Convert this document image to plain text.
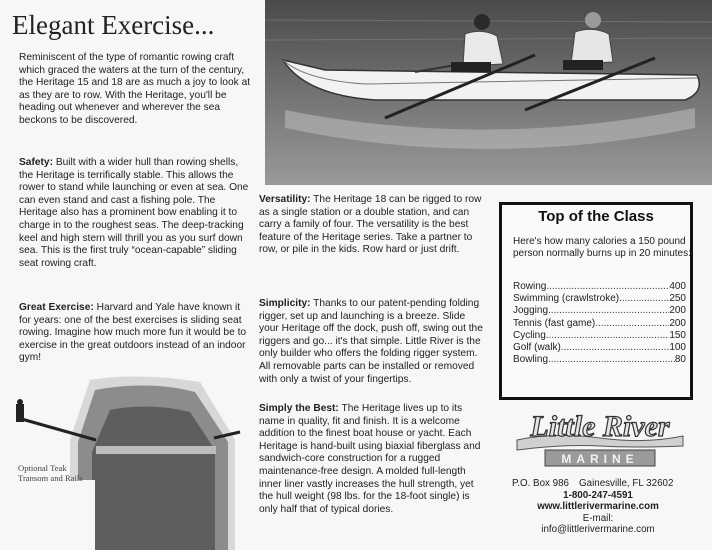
Elegant Exercise...

Reminiscent of the type of romantic rowing craft which graced the waters at the turn of the century, the Heritage 15 and 18 are as much a joy to look at as they are to row. With the Heritage, you'll be heading out whenever and wherever the sea beckons to be discovered.

Safety: Built with a wider hull than rowing shells, the Heritage is terrifically stable. This allows the rower to stand while launching or even at sea. One can even stand and cast a fishing pole. The Heritage also has a prominent bow enabling it to charge in to the roughest seas. The deep-tracking keel and high stern will thrill you as you surf down sea. This is the first truly “ocean-capable” sliding seat rowing craft.

Great Exercise: Harvard and Yale have known it for years: one of the best exercises is sliding seat rowing. Imagine how much more fun it would be to exercise in the great outdoors instead of an indoor gym!

Versatility: The Heritage 18 can be rigged to row as a single station or a double station, and can carry a family of four. The versatility is the best feature of the Heritage series. Take a partner to row, or pile in the kids. Row hard or just drift.

Simplicity: Thanks to our patent-pending folding rigger, set up and launching is a breeze. Slide your Heritage off the dock, push off, swing out the riggers and go... it's that simple. Little River is the only builder who offers the folding rigger system. All removable parts can be installed or removed with only a twist of your fingertips.

Simply the Best: The Heritage lives up to its name in quality, fit and finish. It is a welcome addition to the finest boat house or yacht. Each Heritage is hand-built using biaxial fiberglass and sandwich-core construction for a rugged maintenance-free design. A molded full-length inner liner vastly increases the hull strength, yet the hull weight (98 lbs. for the 18-foot single) is only half that of typical dories.

Optional Teak Transom and Rails
Top of the Class
Here's how many calories a 150 pound person normally burns up in 20 minutes:
Rowing .....	400
Swimming (crawlstroke) .....	250
Jogging .....	200
Tennis (fast game) .....	200
Cycling .....	150
Golf (walk) .....	100
Bowling .....	80
Little River
MARINE
P.O. Box 986 Gainesville, FL 32602
1-800-247-4591
www.littlerivermarine.com
E-mail:
info@littlerivermarine.com
